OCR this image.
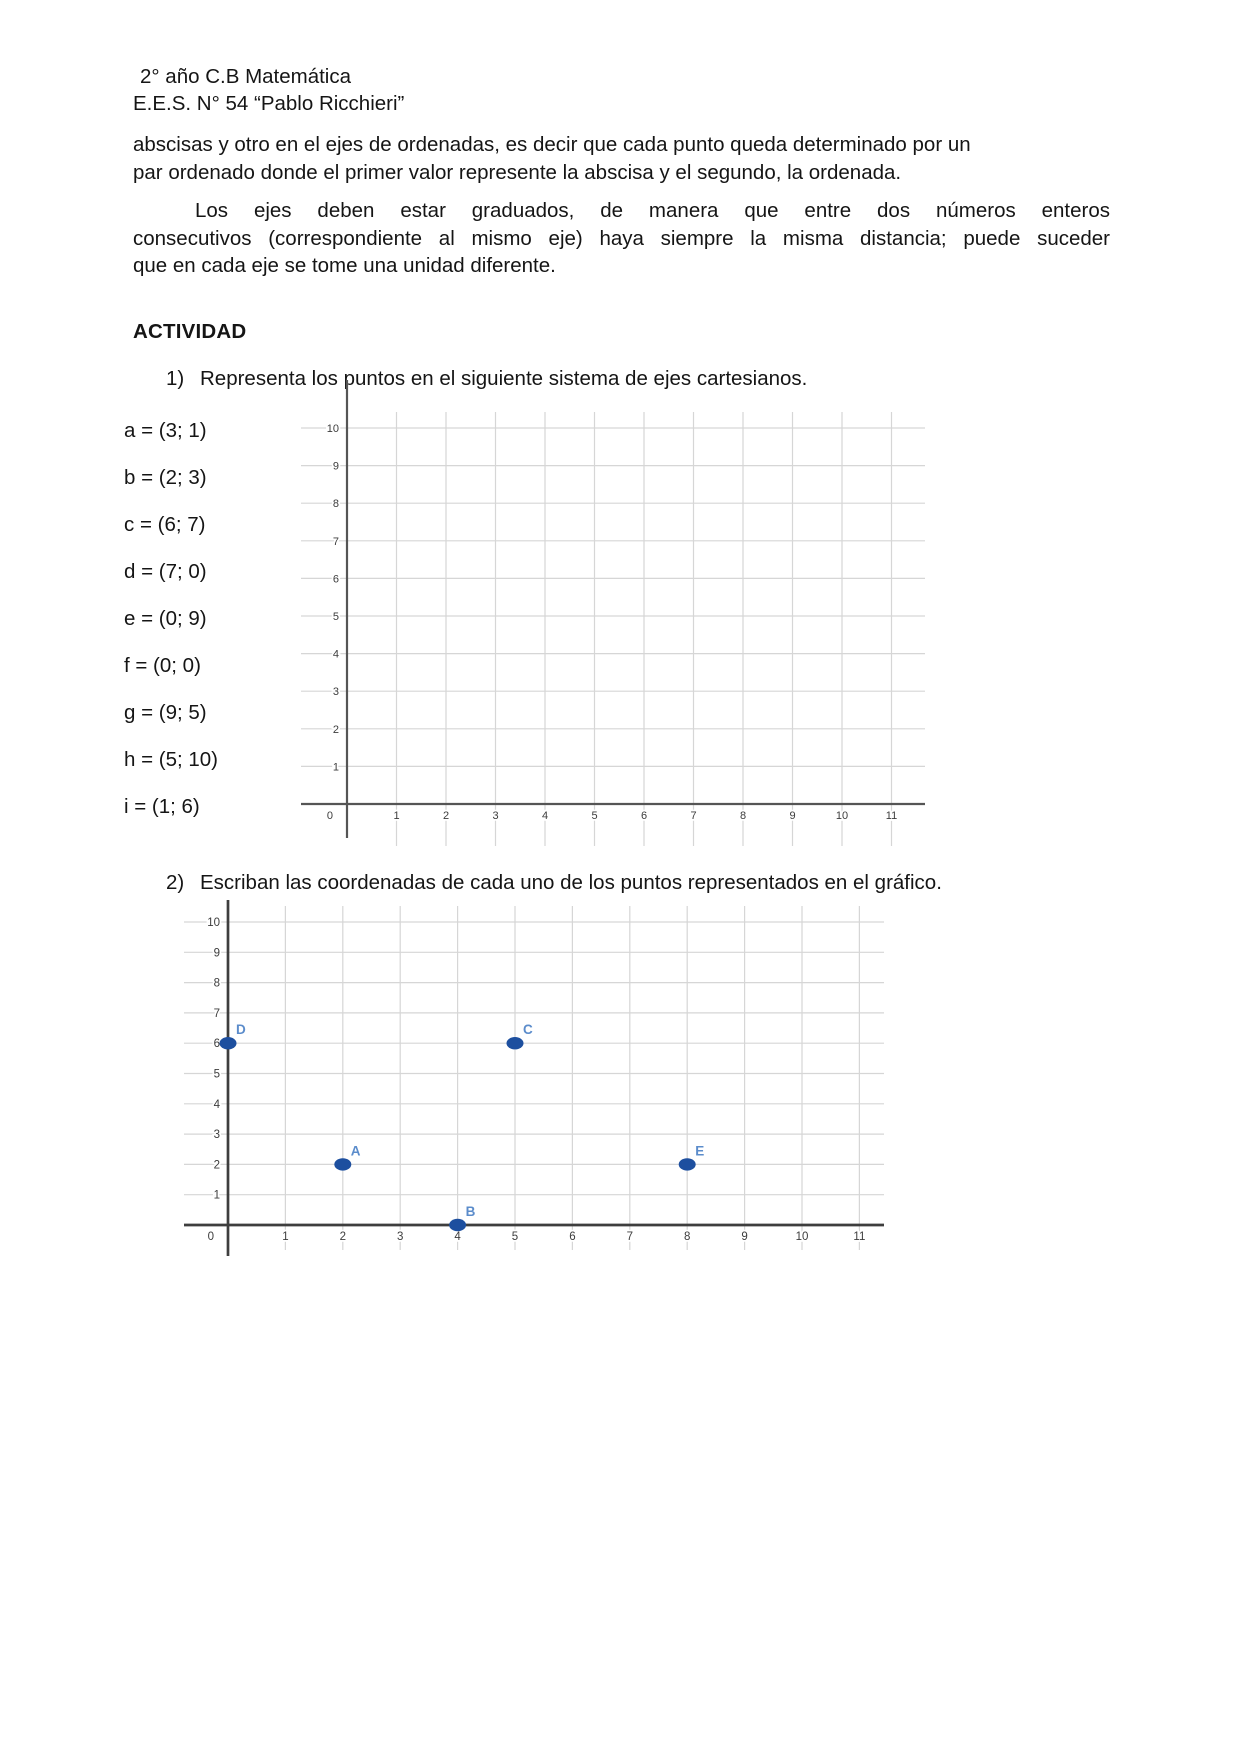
2° año C.B Matemática
E.E.S. N° 54 “Pablo Ricchieri”
abscisas y otro en el ejes de ordenadas, es decir que cada punto queda determinado por un
par ordenado donde el primer valor represente la abscisa y el segundo, la ordenada.
Los ejes deben estar graduados, de manera que entre dos números enteros
consecutivos (correspondiente al mismo eje) haya siempre la misma distancia; puede suceder
que en cada eje se tome una unidad diferente.
ACTIVIDAD
1) Representa los puntos en el siguiente sistema de ejes cartesianos.
a = (3; 1)
b = (2; 3)
c = (6; 7)
d = (7; 0)
e = (0; 9)
f = (0; 0)
g = (9; 5)
h = (5; 10)
i = (1; 6)
1
2
3
4
5
6
7
8
9
10
0	1	2	3	4	5	6	7	8	9	10	11
2) Escriban las coordenadas de cada uno de los puntos representados en el gráfico.
1
2
3
4
5
6
7
8
9
10
0	1	2	3	4	5	6	7	8	9	10	11
A
B
C
D
E
